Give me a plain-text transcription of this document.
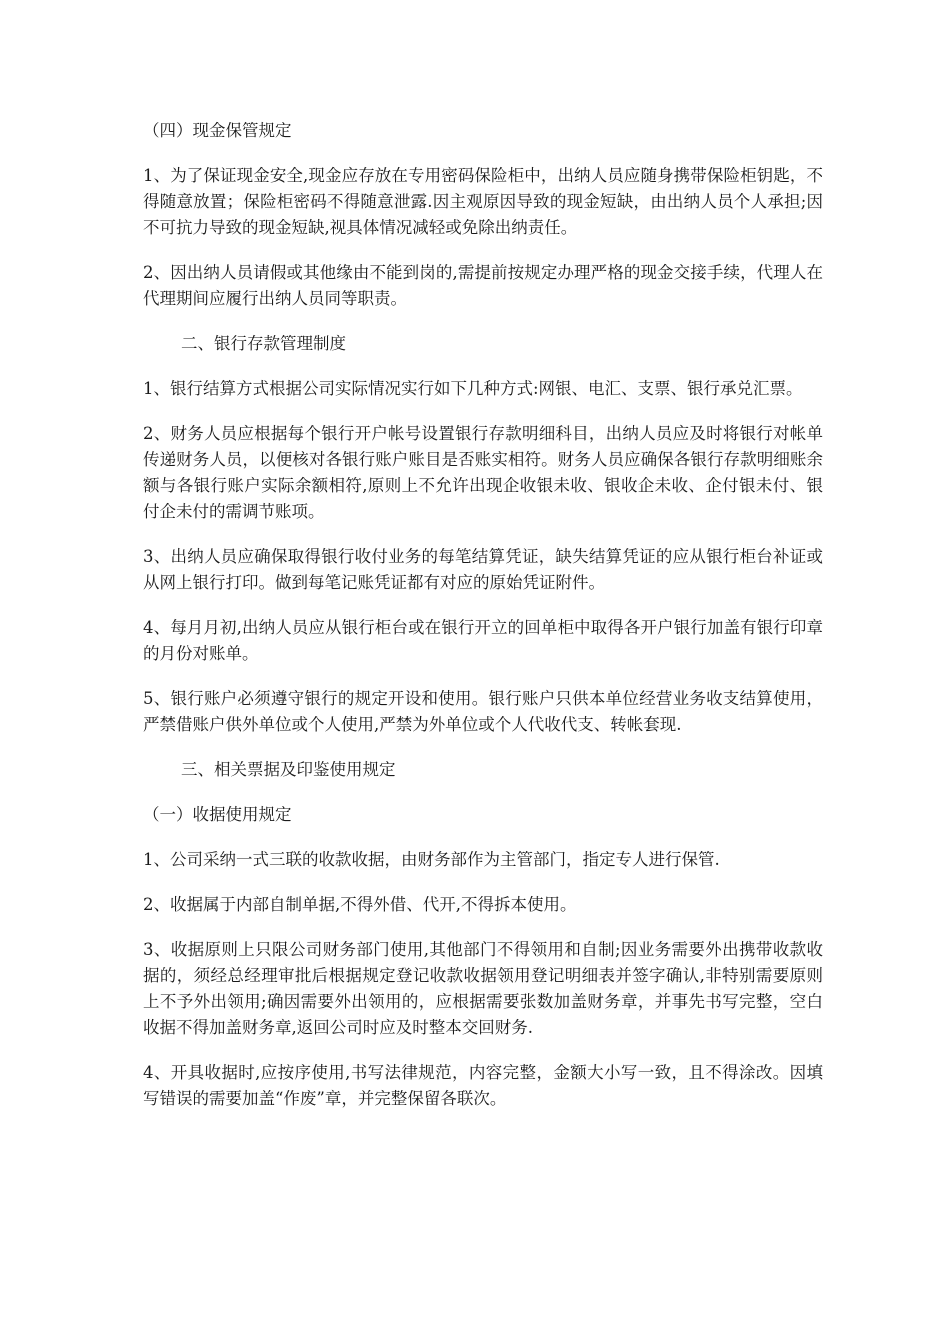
（四）现金保管规定

1、为了保证现金安全,现金应存放在专用密码保险柜中，出纳人员应随身携带保险柜钥匙，不得随意放置；保险柜密码不得随意泄露.因主观原因导致的现金短缺，由出纳人员个人承担;因不可抗力导致的现金短缺,视具体情况减轻或免除出纳责任。

2、因出纳人员请假或其他缘由不能到岗的,需提前按规定办理严格的现金交接手续，代理人在代理期间应履行出纳人员同等职责。

二、银行存款管理制度

1、银行结算方式根据公司实际情况实行如下几种方式:网银、电汇、支票、银行承兑汇票。

2、财务人员应根据每个银行开户帐号设置银行存款明细科目，出纳人员应及时将银行对帐单传递财务人员，以便核对各银行账户账目是否账实相符。财务人员应确保各银行存款明细账余额与各银行账户实际余额相符,原则上不允许出现企收银未收、银收企未收、企付银未付、银付企未付的需调节账项。

3、出纳人员应确保取得银行收付业务的每笔结算凭证，缺失结算凭证的应从银行柜台补证或从网上银行打印。做到每笔记账凭证都有对应的原始凭证附件。

4、每月月初,出纳人员应从银行柜台或在银行开立的回单柜中取得各开户银行加盖有银行印章的月份对账单。

5、银行账户必须遵守银行的规定开设和使用。银行账户只供本单位经营业务收支结算使用，严禁借账户供外单位或个人使用,严禁为外单位或个人代收代支、转帐套现.

三、相关票据及印鉴使用规定

（一）收据使用规定

1、公司采纳一式三联的收款收据，由财务部作为主管部门，指定专人进行保管.

2、收据属于内部自制单据,不得外借、代开,不得拆本使用。

3、收据原则上只限公司财务部门使用,其他部门不得领用和自制;因业务需要外出携带收款收据的，须经总经理审批后根据规定登记收款收据领用登记明细表并签字确认,非特别需要原则上不予外出领用;确因需要外出领用的，应根据需要张数加盖财务章，并事先书写完整，空白收据不得加盖财务章,返回公司时应及时整本交回财务.

4、开具收据时,应按序使用,书写法律规范，内容完整，金额大小写一致，且不得涂改。因填写错误的需要加盖“作废”章，并完整保留各联次。
